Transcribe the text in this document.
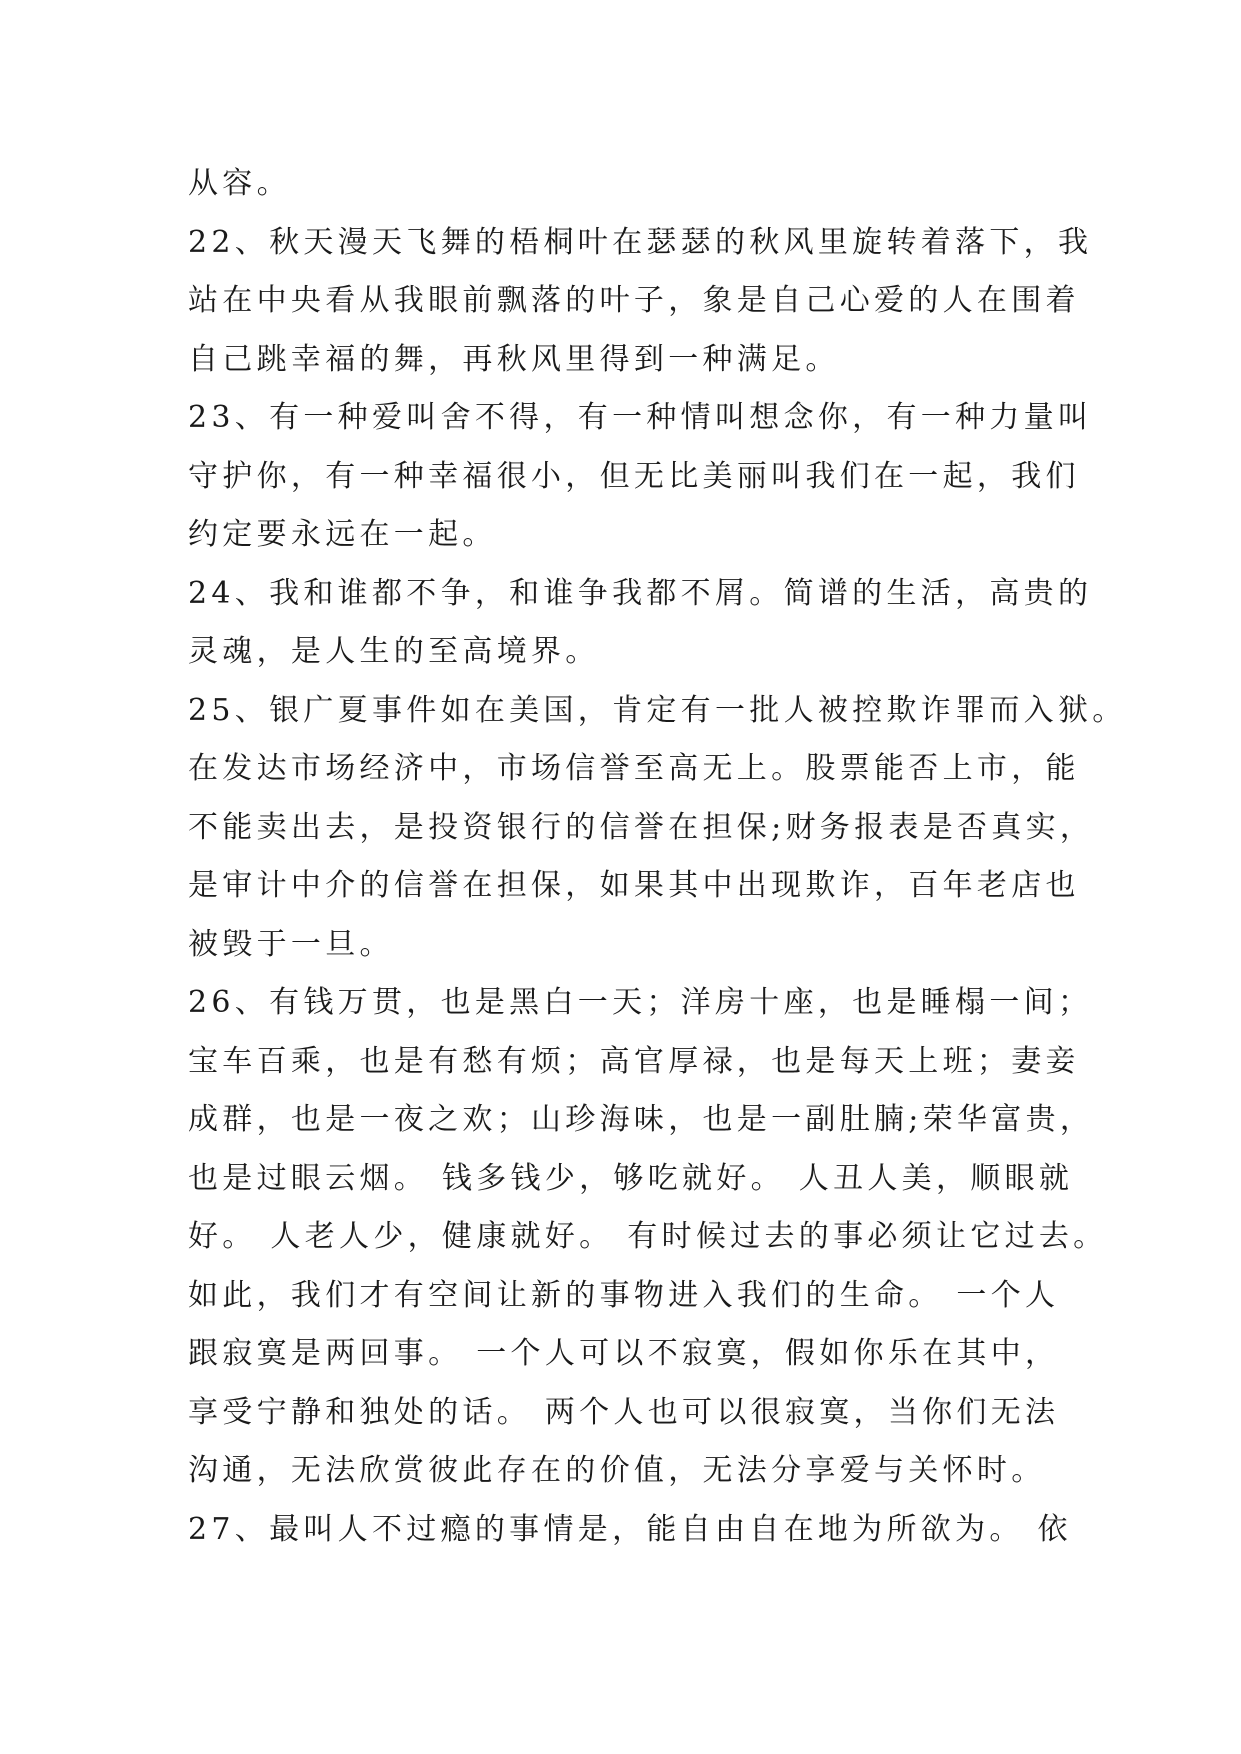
从容。
22、秋天漫天飞舞的梧桐叶在瑟瑟的秋风里旋转着落下，我
站在中央看从我眼前飘落的叶子，象是自己心爱的人在围着
自己跳幸福的舞，再秋风里得到一种满足。
23、有一种爱叫舍不得，有一种情叫想念你，有一种力量叫
守护你，有一种幸福很小，但无比美丽叫我们在一起，我们
约定要永远在一起。
24、我和谁都不争，和谁争我都不屑。简谱的生活，高贵的
灵魂，是人生的至高境界。
25、银广夏事件如在美国，肯定有一批人被控欺诈罪而入狱。
在发达市场经济中，市场信誉至高无上。股票能否上市，能
不能卖出去，是投资银行的信誉在担保;财务报表是否真实，
是审计中介的信誉在担保，如果其中出现欺诈，百年老店也
被毁于一旦。
26、有钱万贯，也是黑白一天；洋房十座，也是睡榻一间；
宝车百乘，也是有愁有烦；高官厚禄，也是每天上班；妻妾
成群，也是一夜之欢；山珍海味，也是一副肚腩;荣华富贵，
也是过眼云烟。 钱多钱少，够吃就好。 人丑人美，顺眼就
好。 人老人少，健康就好。 有时候过去的事必须让它过去。
如此，我们才有空间让新的事物进入我们的生命。 一个人
跟寂寞是两回事。 一个人可以不寂寞，假如你乐在其中，
享受宁静和独处的话。 两个人也可以很寂寞，当你们无法
沟通，无法欣赏彼此存在的价值，无法分享爱与关怀时。
27、最叫人不过瘾的事情是，能自由自在地为所欲为。 依
